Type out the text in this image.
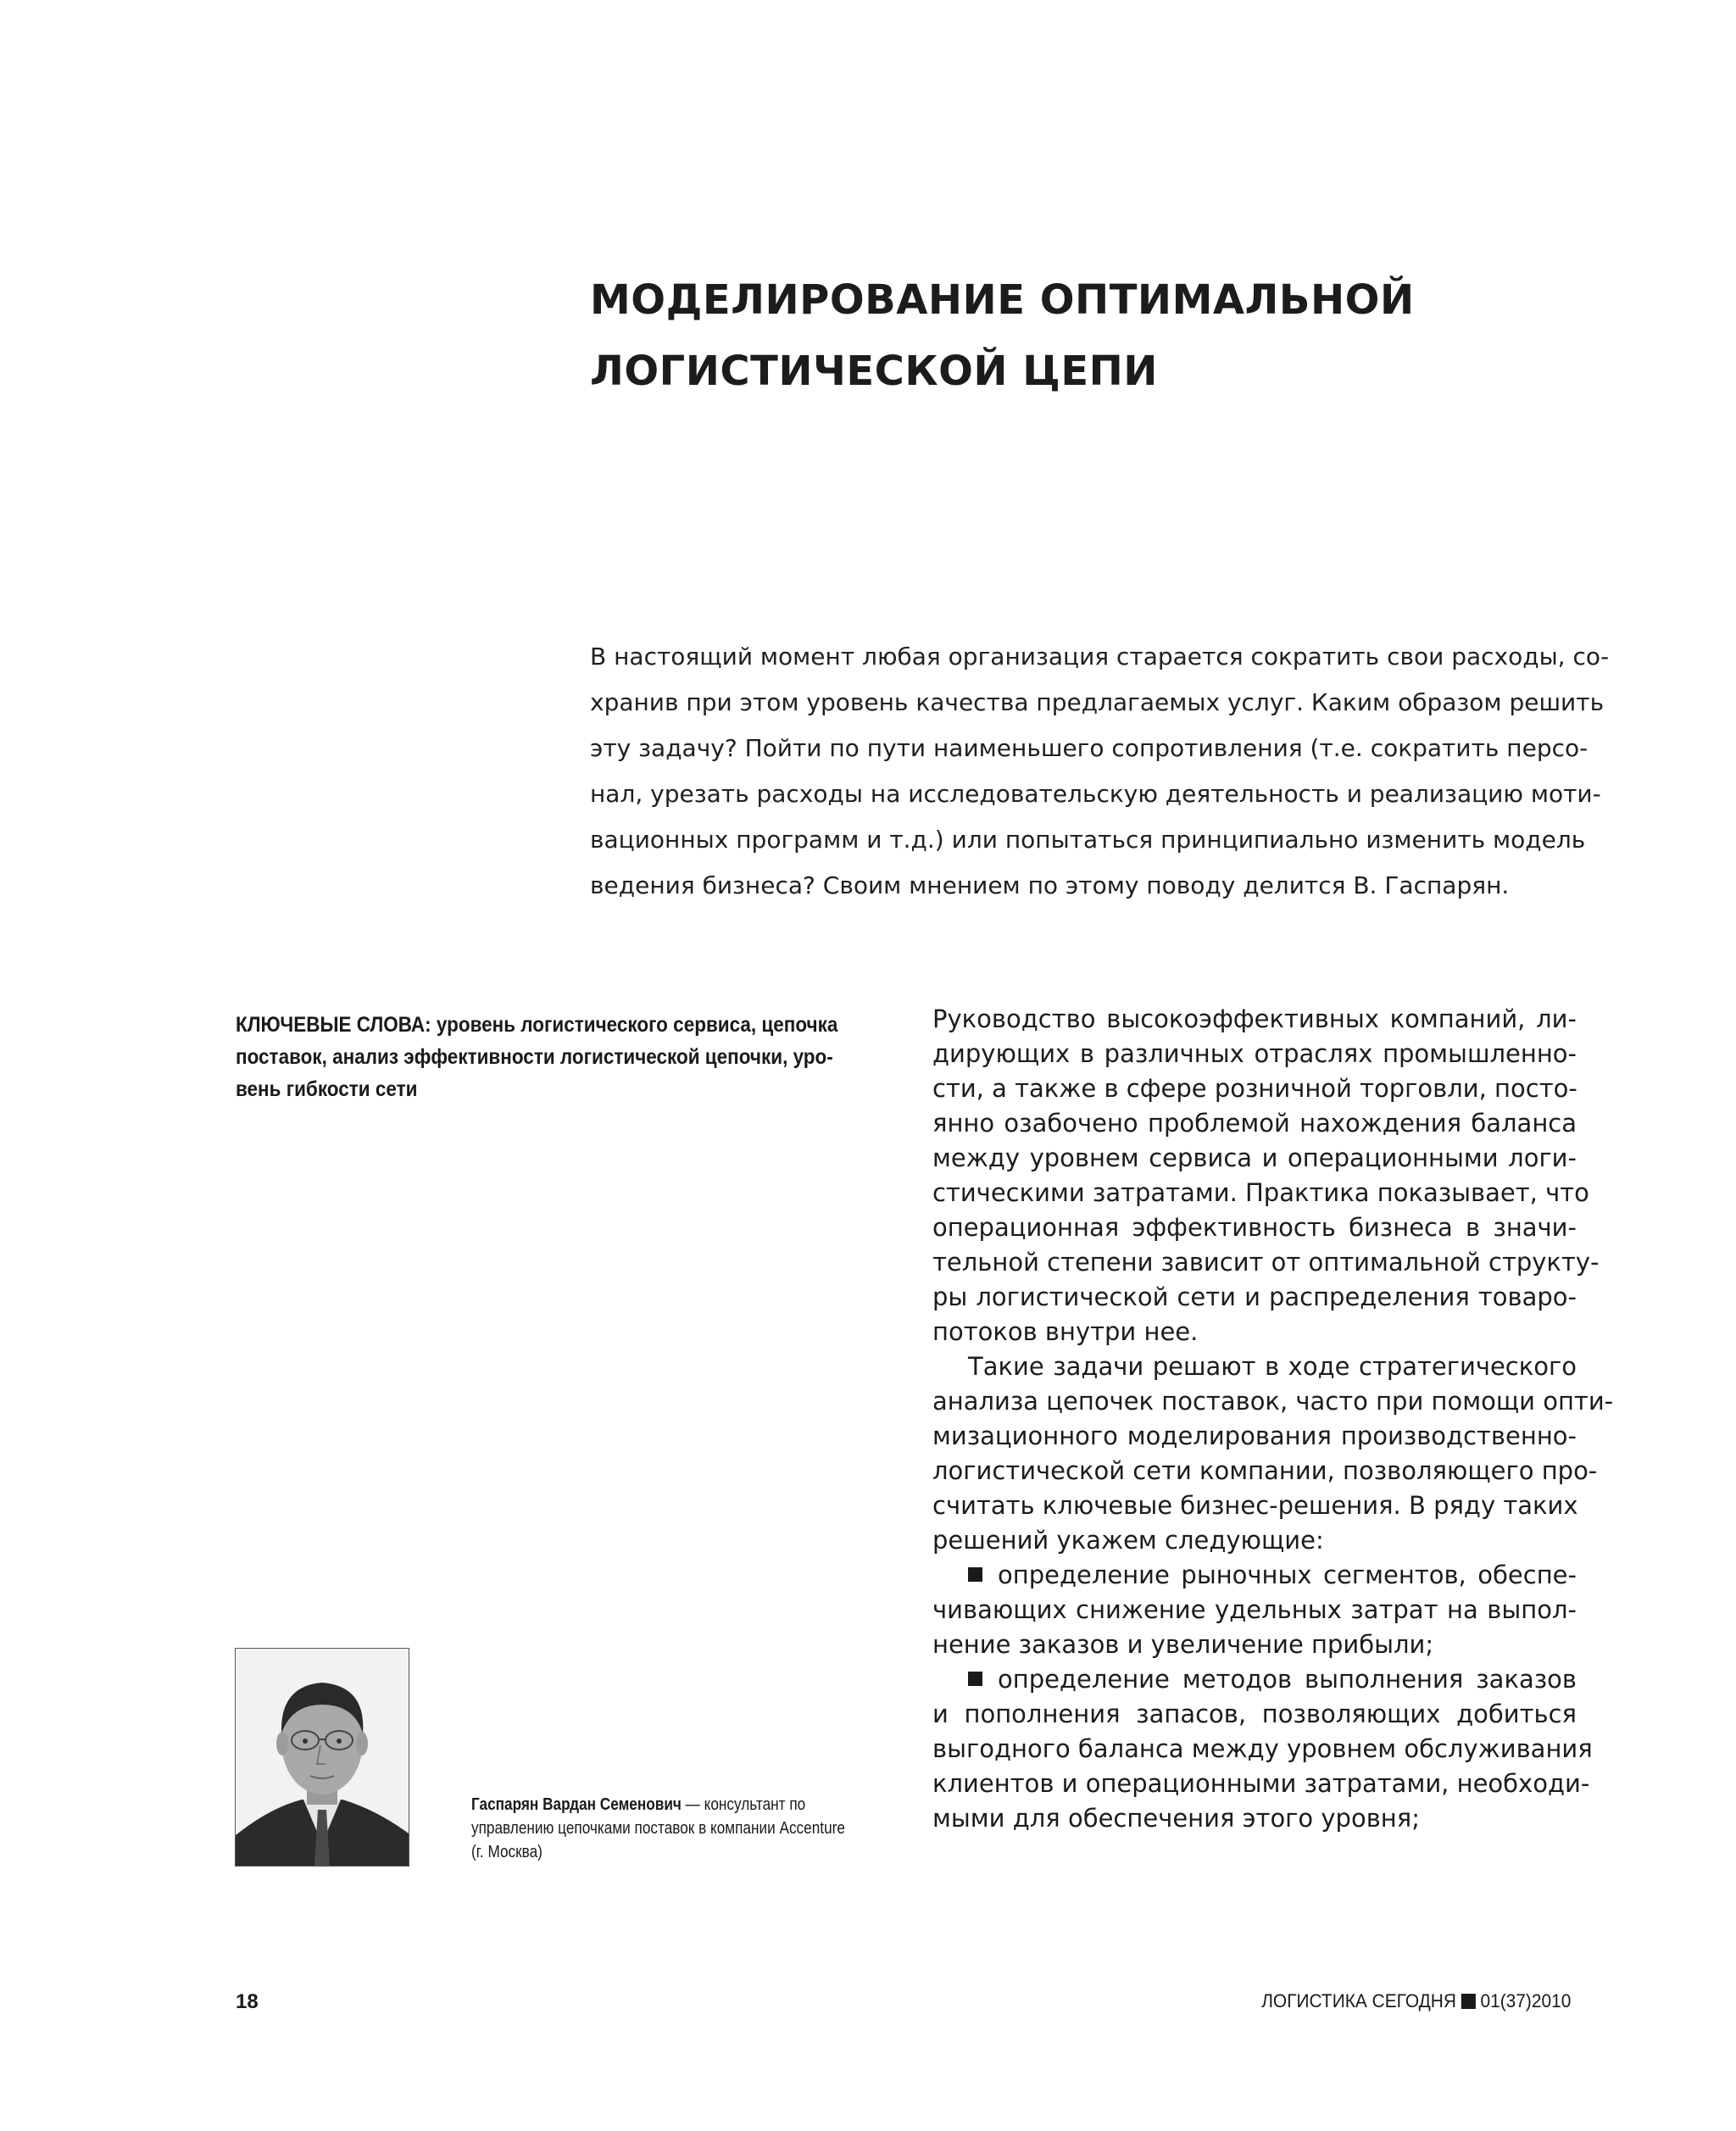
МОДЕЛИРОВАНИЕ ОПТИМАЛЬНОЙ
ЛОГИСТИЧЕСКОЙ ЦЕПИ
В настоящий момент любая организация старается сократить свои расходы, со-
хранив при этом уровень качества предлагаемых услуг. Каким образом решить
эту задачу? Пойти по пути наименьшего сопротивления (т.е. сократить персо-
нал, урезать расходы на исследовательскую деятельность и реализацию моти-
вационных программ и т.д.) или попытаться принципиально изменить модель
ведения бизнеса? Своим мнением по этому поводу делится В. Гаспарян.
КЛЮЧЕВЫЕ СЛОВА: уровень логистического сервиса, цепочка
поставок, анализ эффективности логистической цепочки, уро-
вень гибкости сети
Гаспарян Вардан Семенович — консультант по
управлению цепочками поставок в компании Accenture
(г. Москва)
Руководство высокоэффективных компаний, ли-
дирующих в различных отраслях промышленно-
сти, а также в сфере розничной торговли, посто-
янно озабочено проблемой нахождения баланса
между уровнем сервиса и операционными логи-
стическими затратами. Практика показывает, что
операционная эффективность бизнеса в значи-
тельной степени зависит от оптимальной структу-
ры логистической сети и распределения товаро-
потоков внутри нее.
Такие задачи решают в ходе стратегического
анализа цепочек поставок, часто при помощи опти-
мизационного моделирования производственно-
логистической сети компании, позволяющего про-
считать ключевые бизнес-решения. В ряду таких
решений укажем следующие:
определение рыночных сегментов, обеспе-
чивающих снижение удельных затрат на выпол-
нение заказов и увеличение прибыли;
определение методов выполнения заказов
и пополнения запасов, позволяющих добиться
выгодного баланса между уровнем обслуживания
клиентов и операционными затратами, необходи-
мыми для обеспечения этого уровня;
18	ЛОГИСТИКА СЕГОДНЯ 01(37)2010
